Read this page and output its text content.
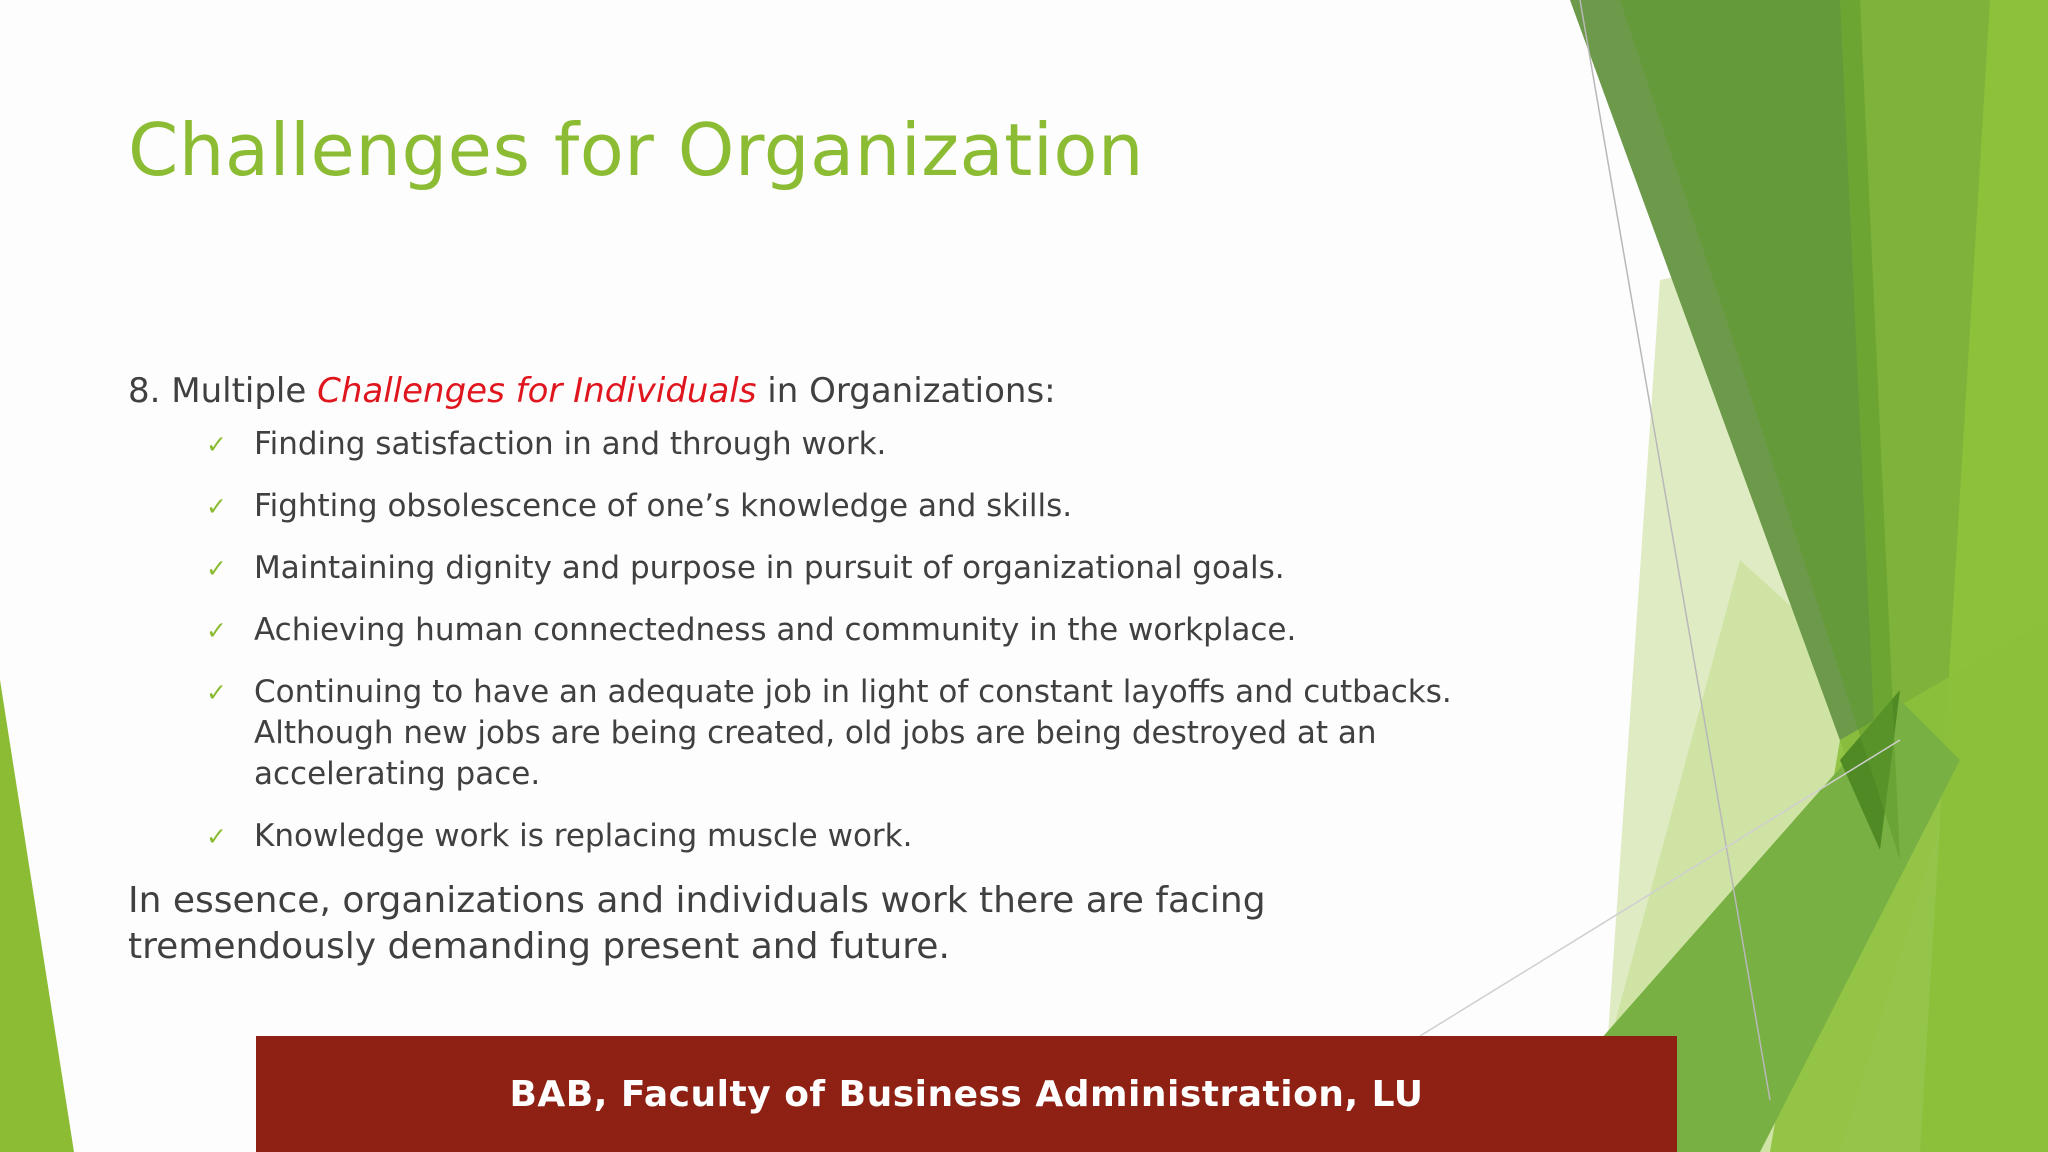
Challenges for Organization

8. Multiple Challenges for Individuals in Organizations:

✓ Finding satisfaction in and through work.
✓ Fighting obsolescence of one’s knowledge and skills.
✓ Maintaining dignity and purpose in pursuit of organizational goals.
✓ Achieving human connectedness and community in the workplace.
✓ Continuing to have an adequate job in light of constant layoffs and cutbacks. Although new jobs are being created, old jobs are being destroyed at an accelerating pace.
✓ Knowledge work is replacing muscle work.

In essence, organizations and individuals work there are facing tremendously demanding present and future.

BAB, Faculty of Business Administration, LU
